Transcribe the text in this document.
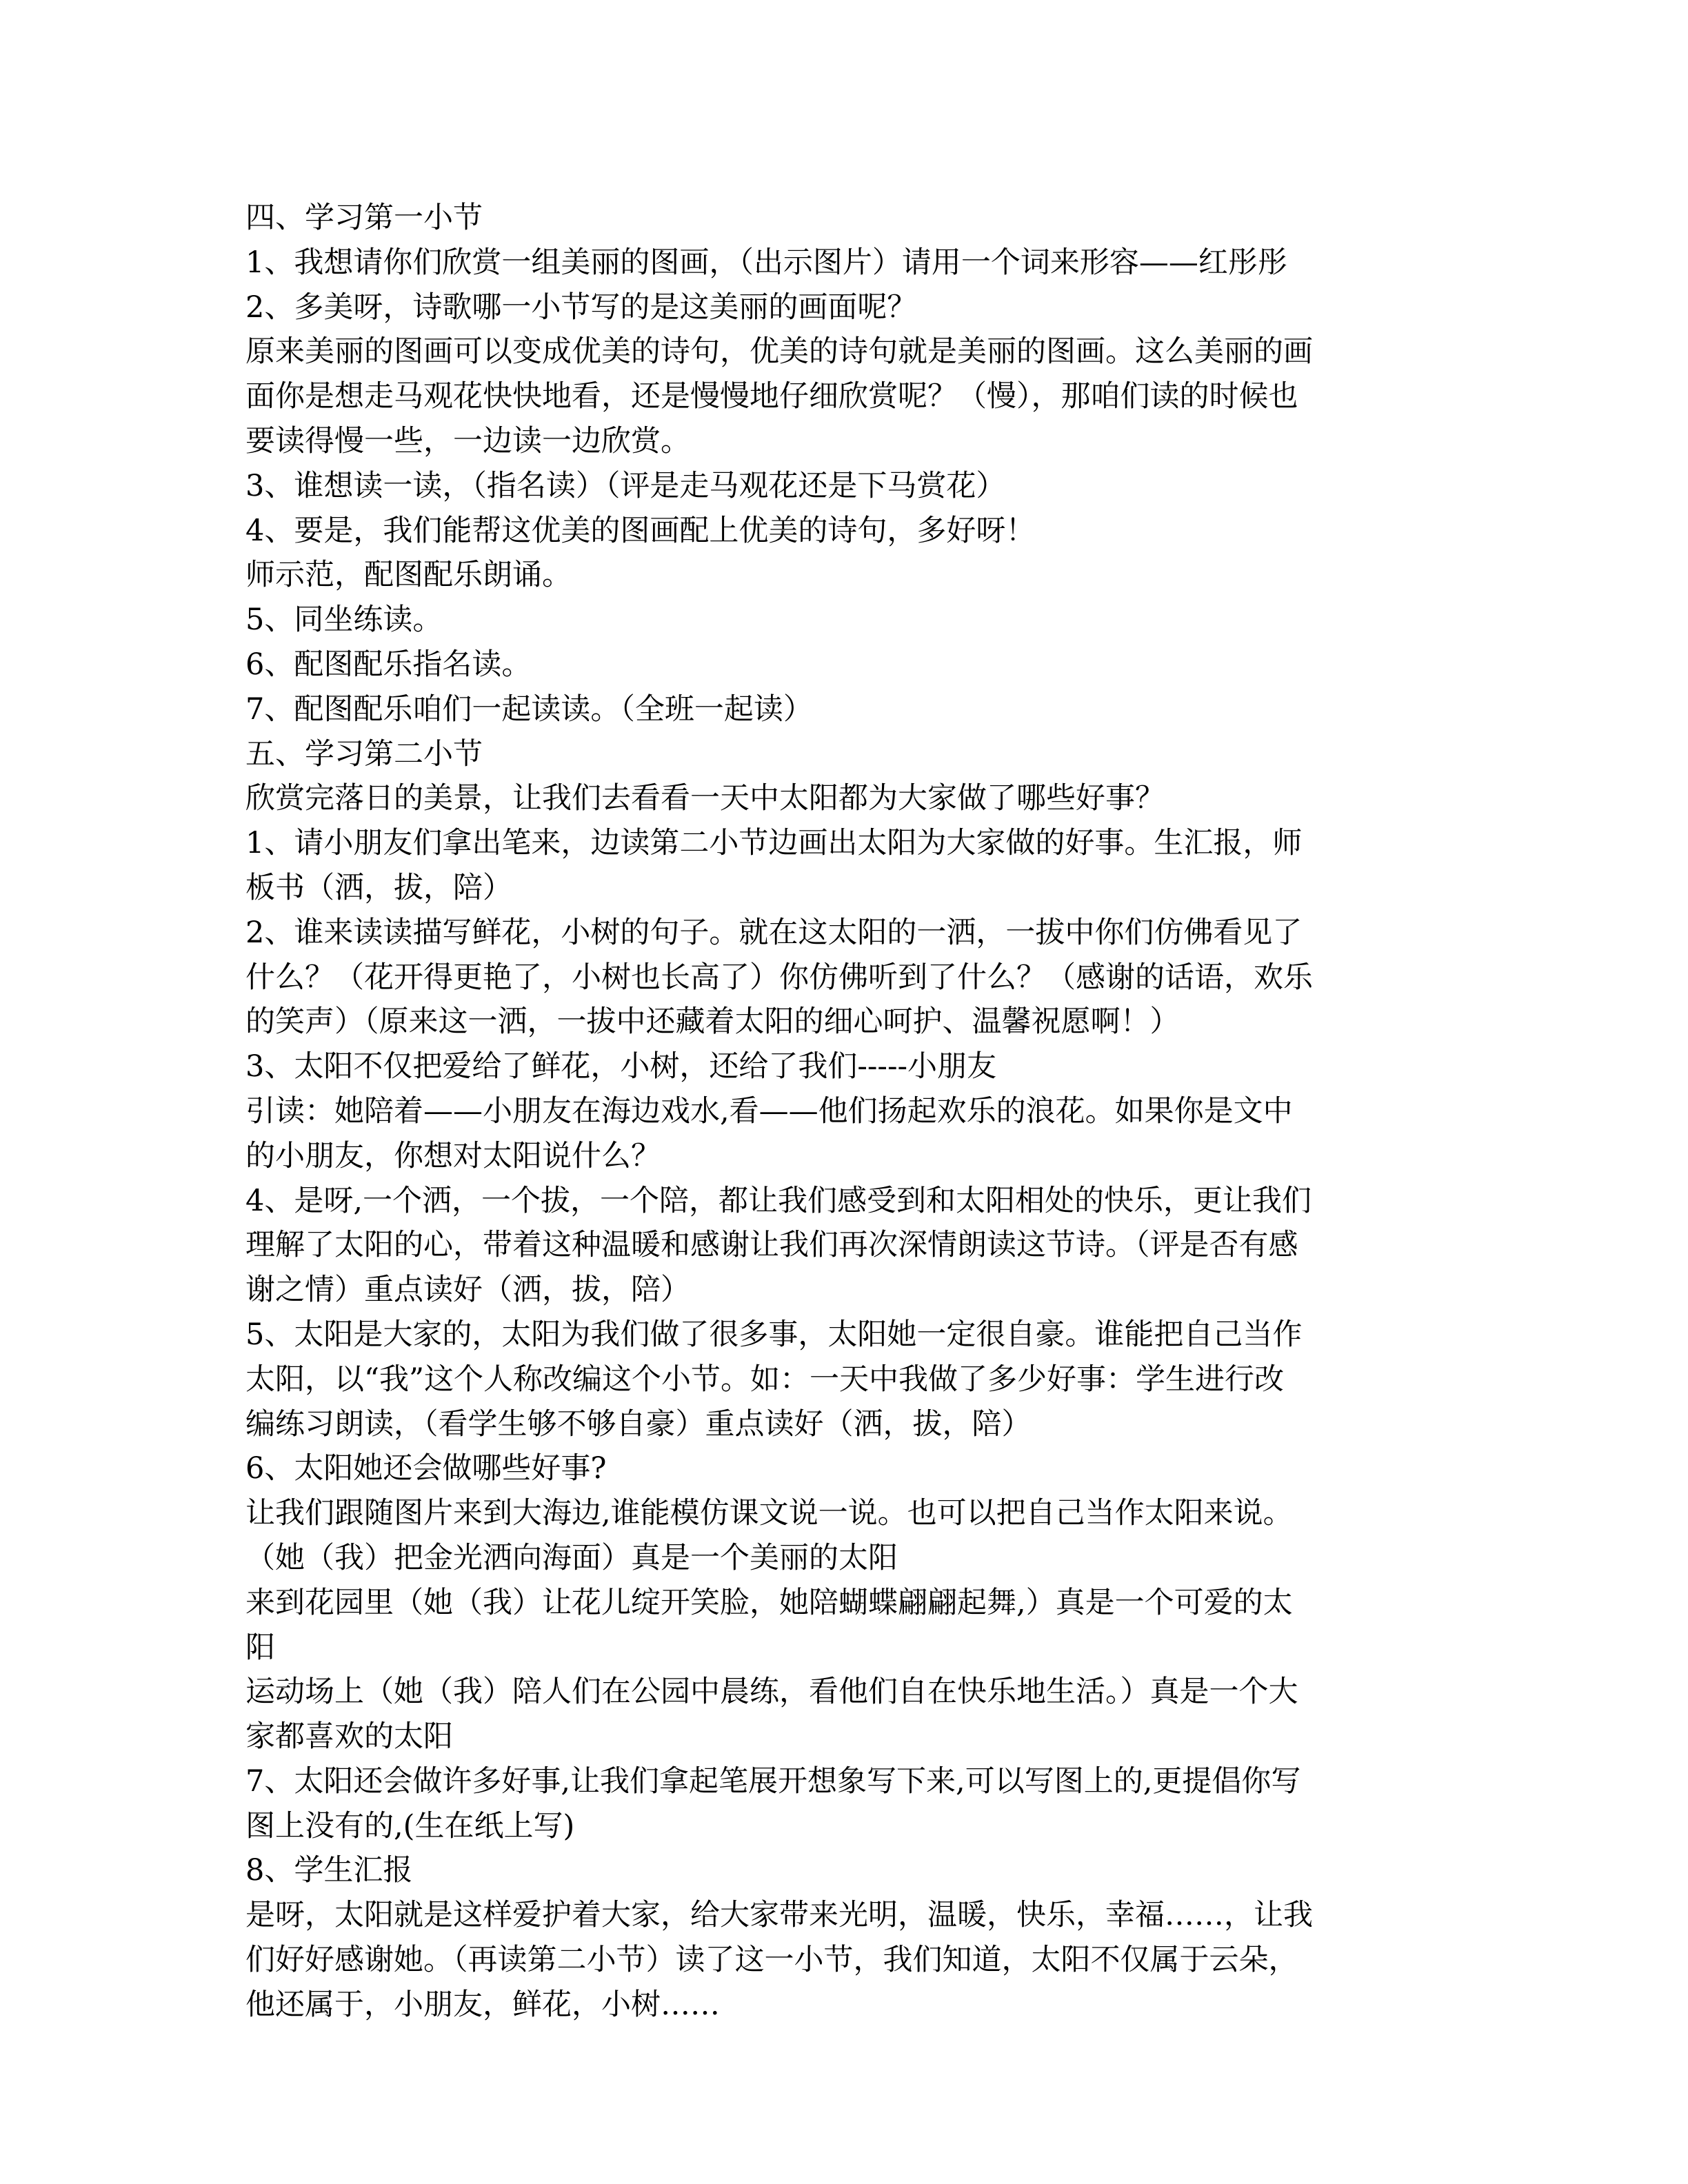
四、学习第一小节
1、我想请你们欣赏一组美丽的图画，（出示图片）请用一个词来形容——红彤彤
2、多美呀，诗歌哪一小节写的是这美丽的画面呢？
原来美丽的图画可以变成优美的诗句，优美的诗句就是美丽的图画。这么美丽的画
面你是想走马观花快快地看，还是慢慢地仔细欣赏呢？（慢），那咱们读的时候也
要读得慢一些，一边读一边欣赏。
3、谁想读一读，（指名读）（评是走马观花还是下马赏花）
4、要是，我们能帮这优美的图画配上优美的诗句，多好呀！
师示范，配图配乐朗诵。
5、同坐练读。
6、配图配乐指名读。
7、配图配乐咱们一起读读。（全班一起读）
五、学习第二小节
欣赏完落日的美景，让我们去看看一天中太阳都为大家做了哪些好事？
1、请小朋友们拿出笔来，边读第二小节边画出太阳为大家做的好事。生汇报，师
板书（洒，拔，陪）
2、谁来读读描写鲜花，小树的句子。就在这太阳的一洒，一拔中你们仿佛看见了
什么？（花开得更艳了，小树也长高了）你仿佛听到了什么？（感谢的话语，欢乐
的笑声）（原来这一洒，一拔中还藏着太阳的细心呵护、温馨祝愿啊！）
3、太阳不仅把爱给了鲜花，小树，还给了我们-----小朋友
引读：她陪着——小朋友在海边戏水,看——他们扬起欢乐的浪花。如果你是文中
的小朋友，你想对太阳说什么？
4、是呀,一个洒，一个拔，一个陪，都让我们感受到和太阳相处的快乐，更让我们
理解了太阳的心，带着这种温暖和感谢让我们再次深情朗读这节诗。（评是否有感
谢之情）重点读好（洒，拔，陪）
5、太阳是大家的，太阳为我们做了很多事，太阳她一定很自豪。谁能把自己当作
太阳，以“我”这个人称改编这个小节。如：一天中我做了多少好事：学生进行改
编练习朗读，（看学生够不够自豪）重点读好（洒，拔，陪）
6、太阳她还会做哪些好事?
让我们跟随图片来到大海边,谁能模仿课文说一说。也可以把自己当作太阳来说。
（她（我）把金光洒向海面）真是一个美丽的太阳
来到花园里（她（我）让花儿绽开笑脸，她陪蝴蝶翩翩起舞,）真是一个可爱的太
阳
运动场上（她（我）陪人们在公园中晨练，看他们自在快乐地生活。）真是一个大
家都喜欢的太阳
7、太阳还会做许多好事,让我们拿起笔展开想象写下来,可以写图上的,更提倡你写
图上没有的,(生在纸上写)
8、学生汇报
是呀，太阳就是这样爱护着大家，给大家带来光明，温暖，快乐，幸福……，让我
们好好感谢她。（再读第二小节）读了这一小节，我们知道，太阳不仅属于云朵，
他还属于，小朋友，鲜花，小树……
